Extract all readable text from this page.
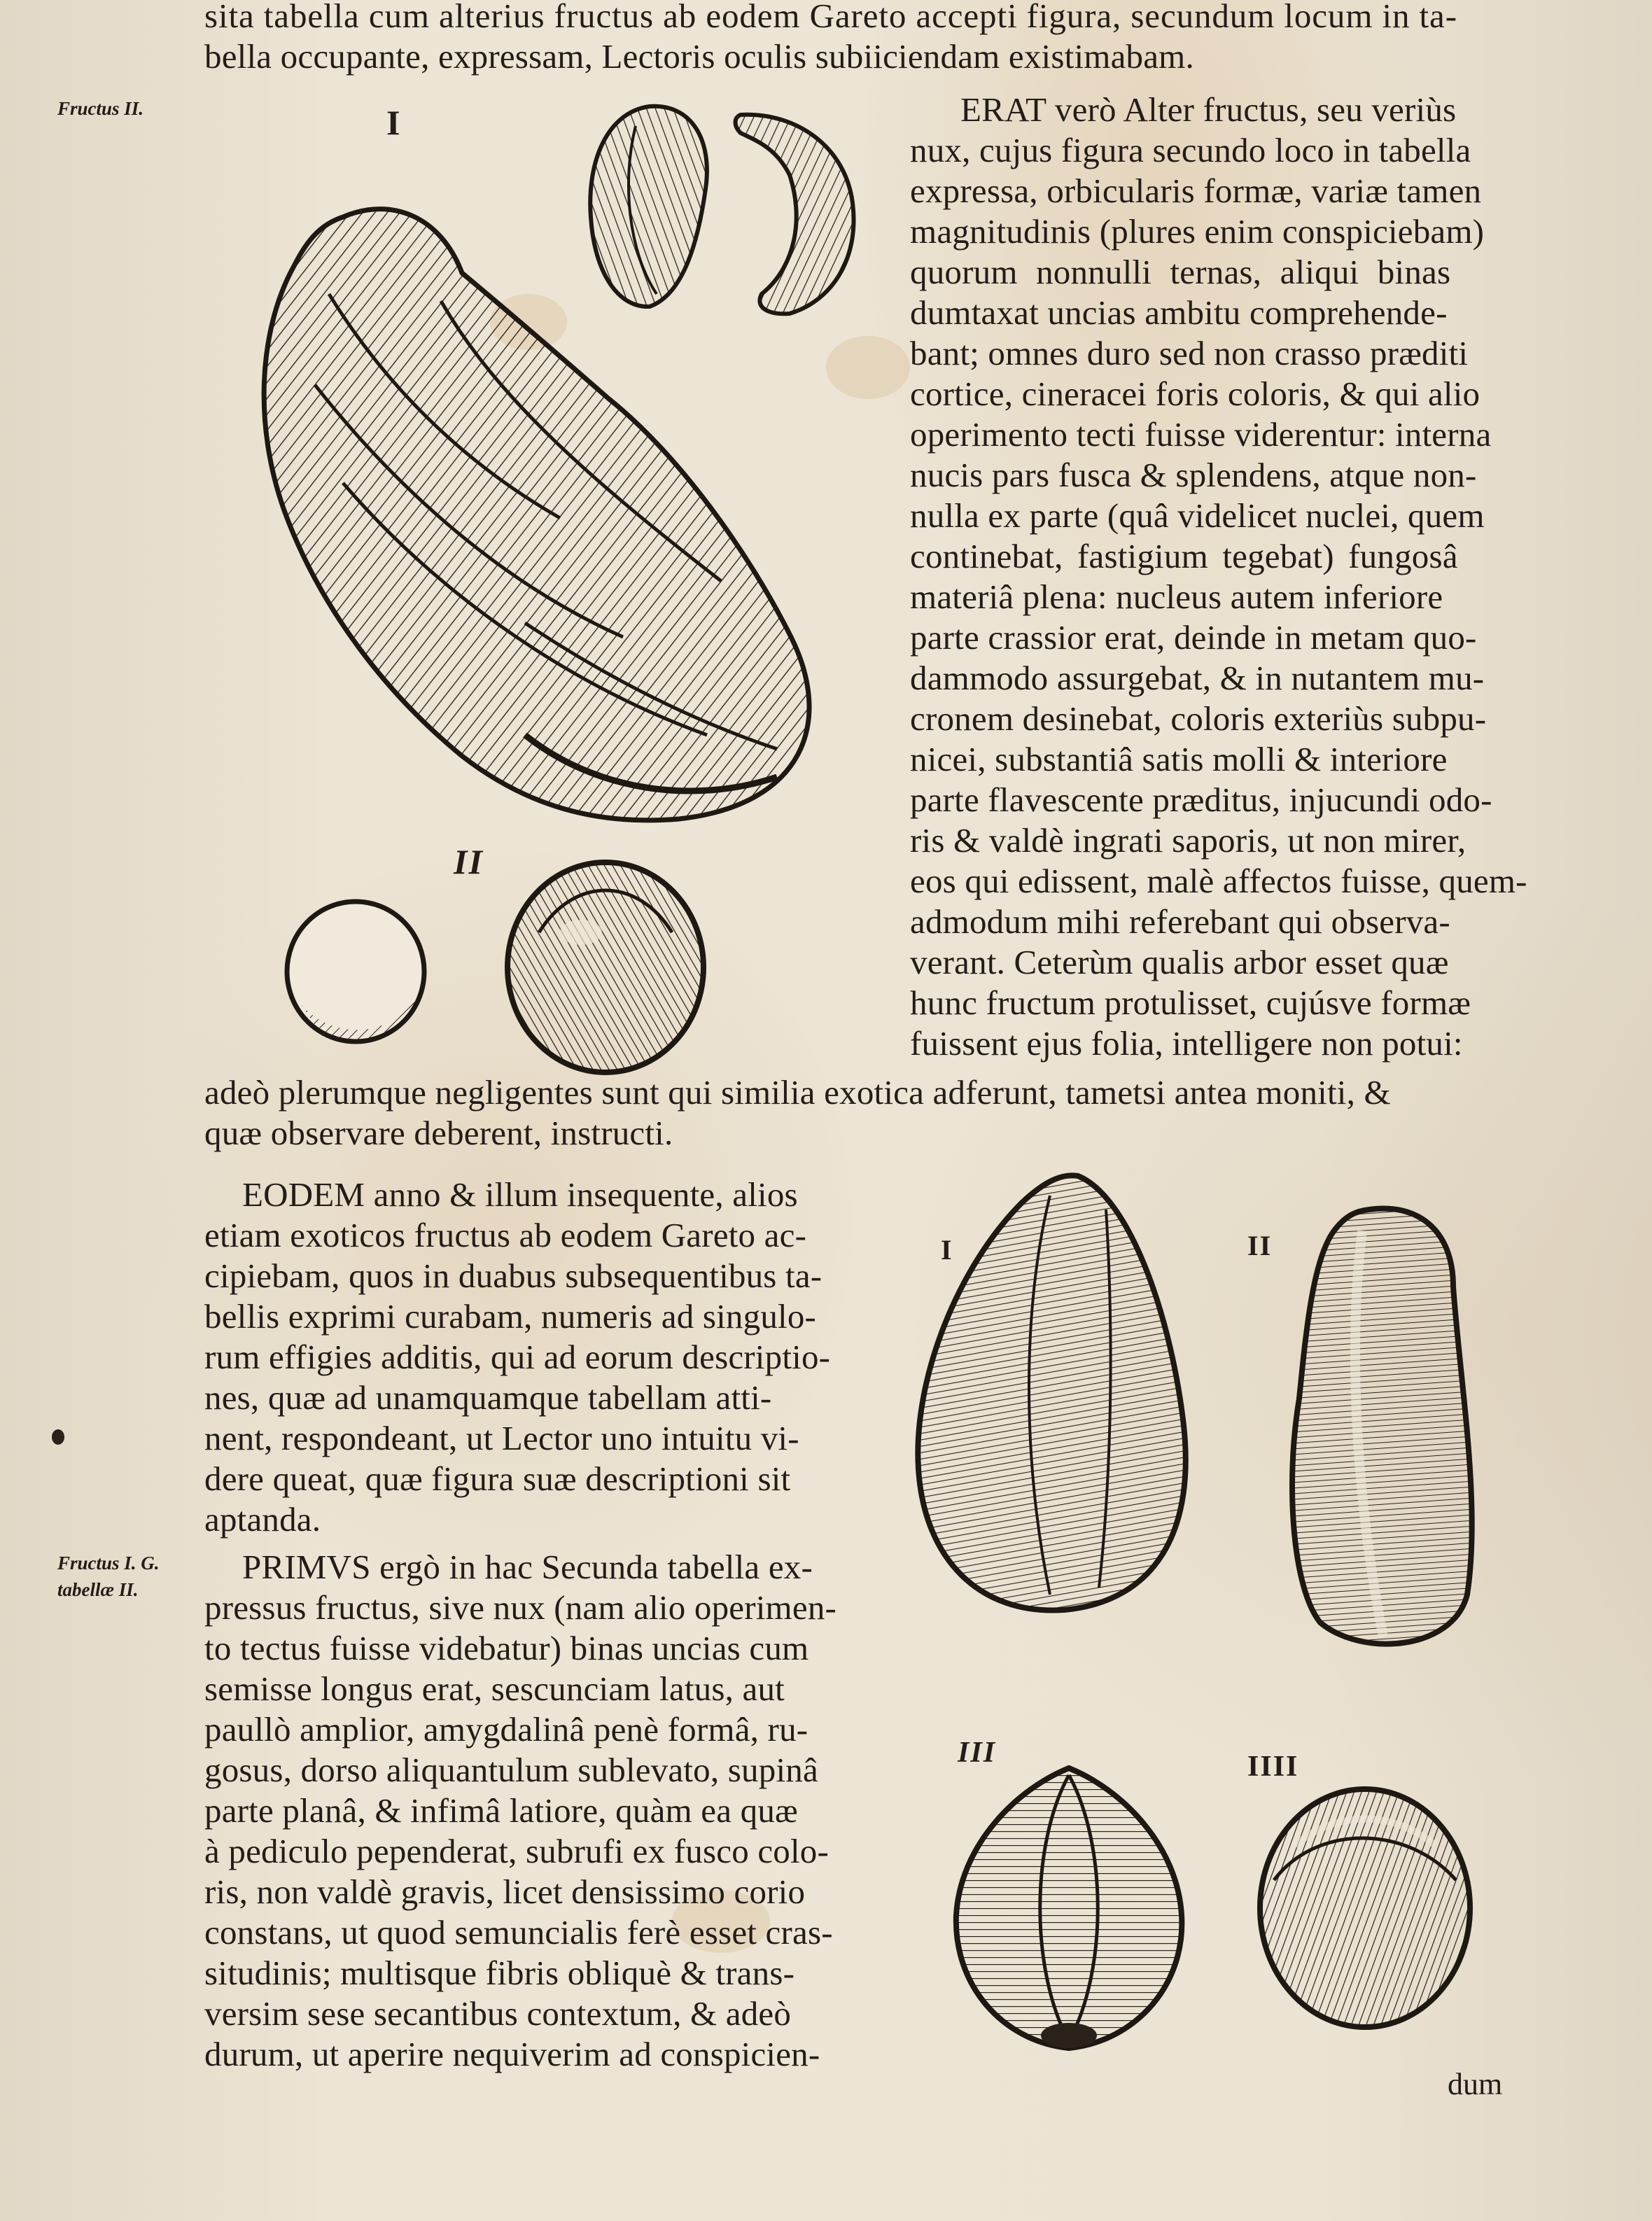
sita tabella cum alterius fructus ab eodem Gareto accepti figura, secundum locum in ta-
bella occupante, expressam, Lectoris oculis subiiciendam existimabam.
Fructus II.
Fructus I. G.
tabellæ II.
I
II
ERAT verò Alter fructus, seu veriùs
nux, cujus figura secundo loco in tabella
expressa, orbicularis formæ, variæ tamen
magnitudinis (plures enim conspiciebam)
quorum nonnulli ternas, aliqui binas
dumtaxat uncias ambitu comprehende-
bant; omnes duro sed non crasso præditi
cortice, cineracei foris coloris, & qui alio
operimento tecti fuisse viderentur: interna
nucis pars fusca & splendens, atque non-
nulla ex parte (quâ videlicet nuclei, quem
continebat, fastigium tegebat) fungosâ
materiâ plena: nucleus autem inferiore
parte crassior erat, deinde in metam quo-
dammodo assurgebat, & in nutantem mu-
cronem desinebat, coloris exteriùs subpu-
nicei, substantiâ satis molli & interiore
parte flavescente præditus, injucundi odo-
ris & valdè ingrati saporis, ut non mirer,
eos qui edissent, malè affectos fuisse, quem-
admodum mihi referebant qui observa-
verant. Ceterùm qualis arbor esset quæ
hunc fructum protulisset, cujúsve formæ
fuissent ejus folia, intelligere non potui:
adeò plerumque negligentes sunt qui similia exotica adferunt, tametsi antea moniti, &
quæ observare deberent, instructi.
EODEM anno & illum insequente, alios
etiam exoticos fructus ab eodem Gareto ac-
cipiebam, quos in duabus subsequentibus ta-
bellis exprimi curabam, numeris ad singulo-
rum effigies additis, qui ad eorum descriptio-
nes, quæ ad unamquamque tabellam atti-
nent, respondeant, ut Lector uno intuitu vi-
dere queat, quæ figura suæ descriptioni sit
aptanda.
PRIMVS ergò in hac Secunda tabella ex-
pressus fructus, sive nux (nam alio operimen-
to tectus fuisse videbatur) binas uncias cum
semisse longus erat, sescunciam latus, aut
paullò amplior, amygdalinâ penè formâ, ru-
gosus, dorso aliquantulum sublevato, supinâ
parte planâ, & infimâ latiore, quàm ea quæ
à pediculo pependerat, subrufi ex fusco colo-
ris, non valdè gravis, licet densissimo corio
constans, ut quod semuncialis ferè esset cras-
situdinis; multisque fibris obliquè & trans-
versim sese secantibus contextum, & adeò
durum, ut aperire nequiverim ad conspicien-
I	II
III	IIII
dum
